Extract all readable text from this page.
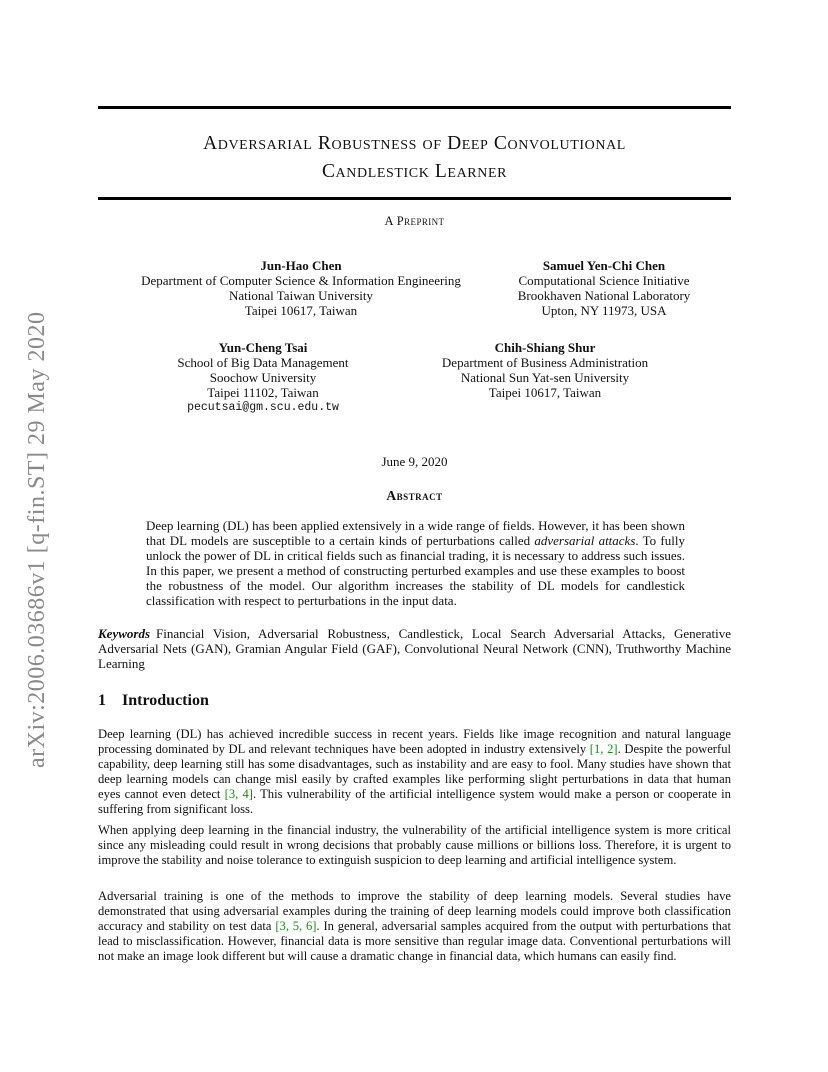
arXiv:2006.03686v1 [q-fin.ST] 29 May 2020
Adversarial Robustness of Deep Convolutional
Candlestick Learner
A Preprint
Jun-Hao Chen
Department of Computer Science & Information Engineering
National Taiwan University
Taipei 10617, Taiwan
Samuel Yen-Chi Chen
Computational Science Initiative
Brookhaven National Laboratory
Upton, NY 11973, USA
Yun-Cheng Tsai
School of Big Data Management
Soochow University
Taipei 11102, Taiwan
pecutsai@gm.scu.edu.tw
Chih-Shiang Shur
Department of Business Administration
National Sun Yat-sen University
Taipei 10617, Taiwan
June 9, 2020
Abstract
Deep learning (DL) has been applied extensively in a wide range of fields. However, it has been shown that DL models are susceptible to a certain kinds of perturbations called adversarial attacks. To fully unlock the power of DL in critical fields such as financial trading, it is necessary to address such issues. In this paper, we present a method of constructing perturbed examples and use these examples to boost the robustness of the model. Our algorithm increases the stability of DL models for candlestick classification with respect to perturbations in the input data.
Keywords Financial Vision, Adversarial Robustness, Candlestick, Local Search Adversarial Attacks, Generative Adversarial Nets (GAN), Gramian Angular Field (GAF), Convolutional Neural Network (CNN), Truthworthy Machine Learning
1 Introduction
Deep learning (DL) has achieved incredible success in recent years. Fields like image recognition and natural language processing dominated by DL and relevant techniques have been adopted in industry extensively [1, 2]. Despite the powerful capability, deep learning still has some disadvantages, such as instability and are easy to fool. Many studies have shown that deep learning models can change misl easily by crafted examples like performing slight perturbations in data that human eyes cannot even detect [3, 4]. This vulnerability of the artificial intelligence system would make a person or cooperate in suffering from significant loss.
When applying deep learning in the financial industry, the vulnerability of the artificial intelligence system is more critical since any misleading could result in wrong decisions that probably cause millions or billions loss. Therefore, it is urgent to improve the stability and noise tolerance to extinguish suspicion to deep learning and artificial intelligence system.
Adversarial training is one of the methods to improve the stability of deep learning models. Several studies have demonstrated that using adversarial examples during the training of deep learning models could improve both classification accuracy and stability on test data [3, 5, 6]. In general, adversarial samples acquired from the output with perturbations that lead to misclassification. However, financial data is more sensitive than regular image data. Conventional perturbations will not make an image look different but will cause a dramatic change in financial data, which humans can easily find.
